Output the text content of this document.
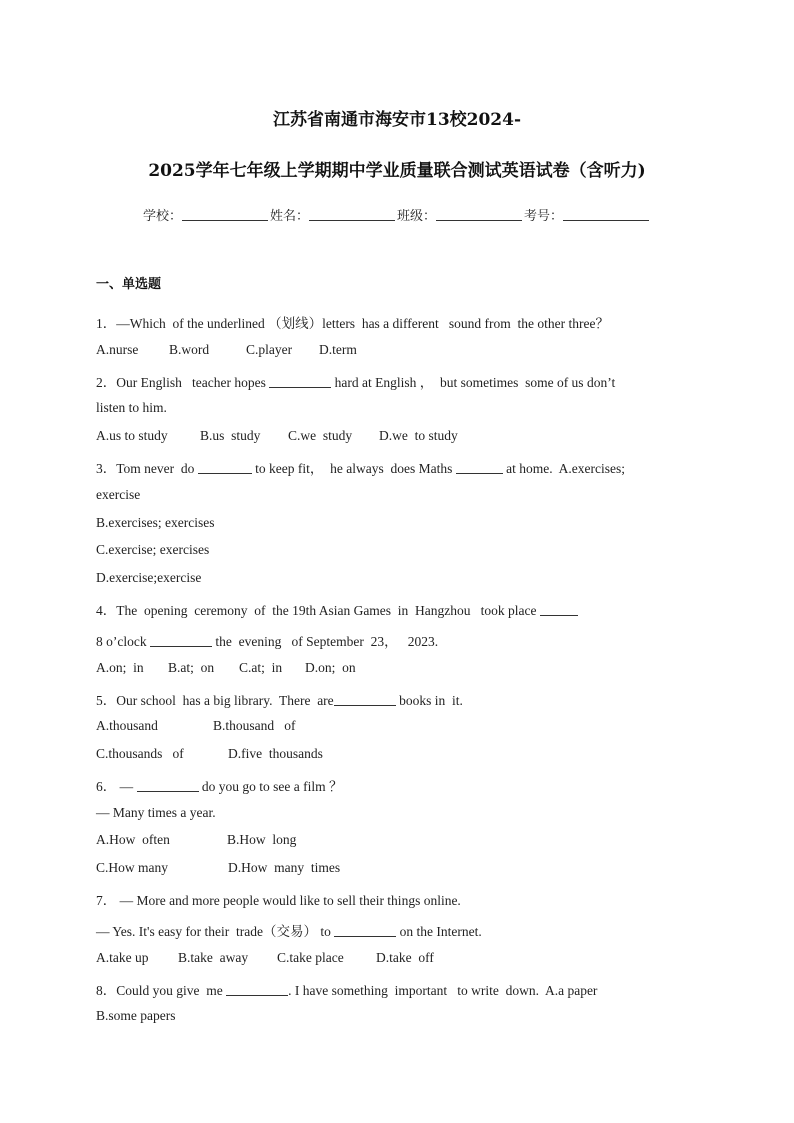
江苏省南通市海安市13校2024-
2025学年七年级上学期期中学业质量联合测试英语试卷（含听力)
学校：	姓名：	班级：	考号：
一、单选题
1．—Which  of the underlined （划线）letters  has a different   sound from  the other three？
A.nurse B.word	C.player D.term
2．Our English   teacher hopes	hard at English ，  but sometimes  some of us don’t
listen to him.
A.us to study B.us  study C.we  study D.we  to study
3．Tom never  do	to keep fit，  he always  does Maths	at home.  A.exercises;
exercise
B.exercises; exercises
C.exercise; exercises
D.exercise;exercise
4．The  opening  ceremony  of  the 19th Asian Games  in  Hangzhou   took place
8 o’clock	the  evening   of September  23，   2023.
A.on;  in B.at;  on C.at;  in D.on;  on
5．Our school  has a big library.  There  are	books in  it.
A.thousand	B.thousand   of
C.thousands   of	D.five  thousands
6． —	do you go to see a film ？
— Many times a year.
A.How  often	B.How  long
C.How many	D.How  many  times
7． — More and more people would like to sell their things online.
— Yes. It's easy for their  trade（交易） to	on the Internet.
A.take up B.take  away C.take place D.take  off
8．Could you give  me	. I have something  important   to write  down.  A.a paper
B.some papers
